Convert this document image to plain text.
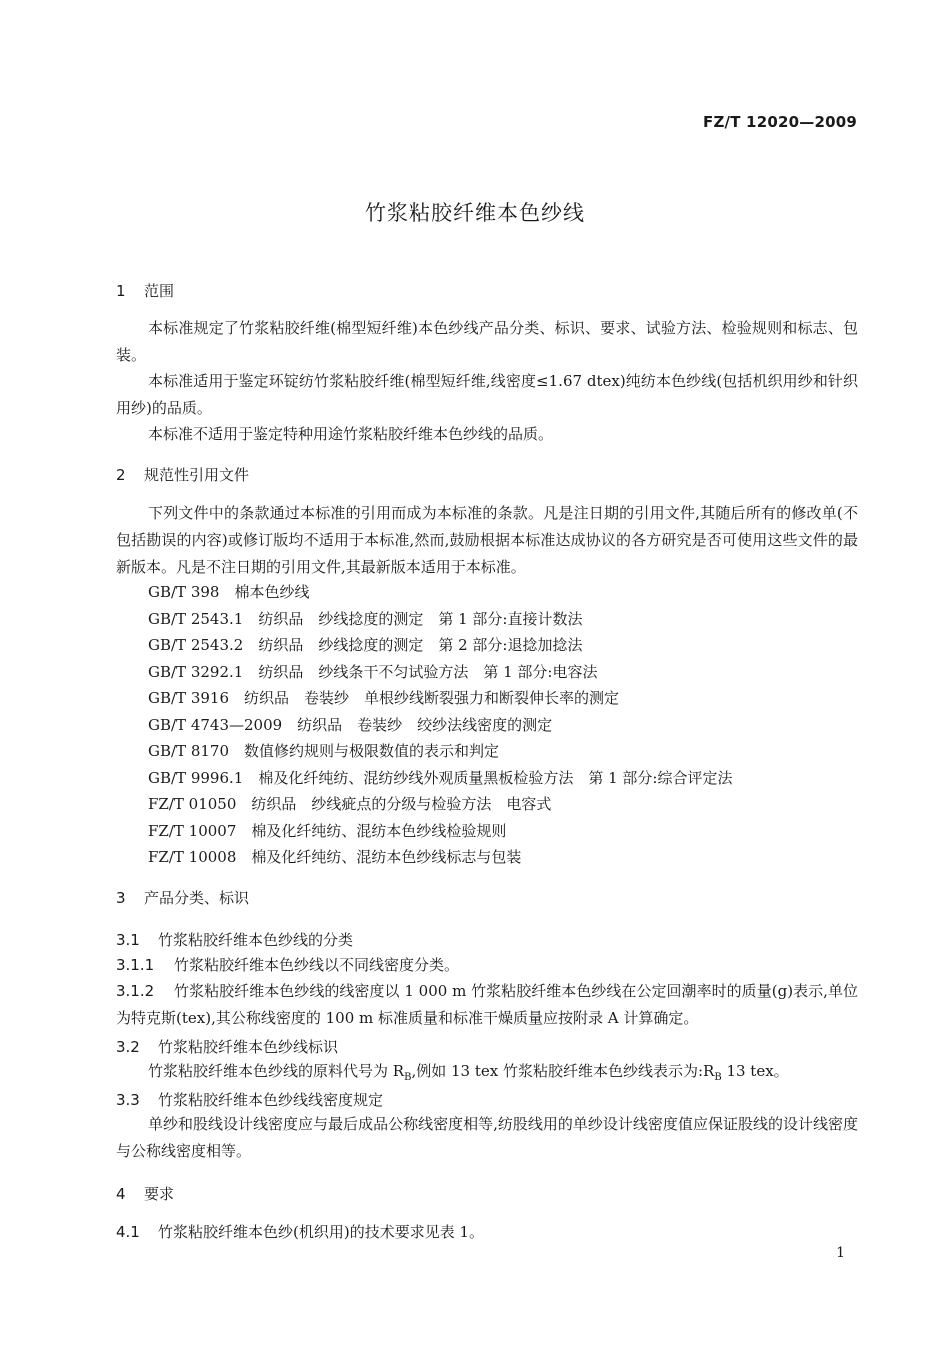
FZ/T 12020—2009
竹浆粘胶纤维本色纱线
1 范围
本标准规定了竹浆粘胶纤维(棉型短纤维)本色纱线产品分类、标识、要求、试验方法、检验规则和标志、包装。
本标准适用于鉴定环锭纺竹浆粘胶纤维(棉型短纤维,线密度≤1.67 dtex)纯纺本色纱线(包括机织用纱和针织用纱)的品质。
本标准不适用于鉴定特种用途竹浆粘胶纤维本色纱线的品质。
2 规范性引用文件
下列文件中的条款通过本标准的引用而成为本标准的条款。凡是注日期的引用文件,其随后所有的修改单(不包括勘误的内容)或修订版均不适用于本标准,然而,鼓励根据本标准达成协议的各方研究是否可使用这些文件的最新版本。凡是不注日期的引用文件,其最新版本适用于本标准。
GB/T 398　棉本色纱线
GB/T 2543.1　纺织品　纱线捻度的测定　第 1 部分:直接计数法
GB/T 2543.2　纺织品　纱线捻度的测定　第 2 部分:退捻加捻法
GB/T 3292.1　纺织品　纱线条干不匀试验方法　第 1 部分:电容法
GB/T 3916　纺织品　卷装纱　单根纱线断裂强力和断裂伸长率的测定
GB/T 4743—2009　纺织品　卷装纱　绞纱法线密度的测定
GB/T 8170　数值修约规则与极限数值的表示和判定
GB/T 9996.1　棉及化纤纯纺、混纺纱线外观质量黑板检验方法　第 1 部分:综合评定法
FZ/T 01050　纺织品　纱线疵点的分级与检验方法　电容式
FZ/T 10007　棉及化纤纯纺、混纺本色纱线检验规则
FZ/T 10008　棉及化纤纯纺、混纺本色纱线标志与包装
3 产品分类、标识
3.1 竹浆粘胶纤维本色纱线的分类
3.1.1 竹浆粘胶纤维本色纱线以不同线密度分类。
3.1.2 竹浆粘胶纤维本色纱线的线密度以 1 000 m 竹浆粘胶纤维本色纱线在公定回潮率时的质量(g)表示,单位为特克斯(tex),其公称线密度的 100 m 标准质量和标准干燥质量应按附录 A 计算确定。
3.2 竹浆粘胶纤维本色纱线标识
竹浆粘胶纤维本色纱线的原料代号为 $R_B$,例如 13 tex 竹浆粘胶纤维本色纱线表示为$:R_B$ 13 tex。
3.3 竹浆粘胶纤维本色纱线线密度规定
单纱和股线设计线密度应与最后成品公称线密度相等,纺股线用的单纱设计线密度值应保证股线的设计线密度与公称线密度相等。
4 要求
4.1 竹浆粘胶纤维本色纱(机织用)的技术要求见表 1。
1
